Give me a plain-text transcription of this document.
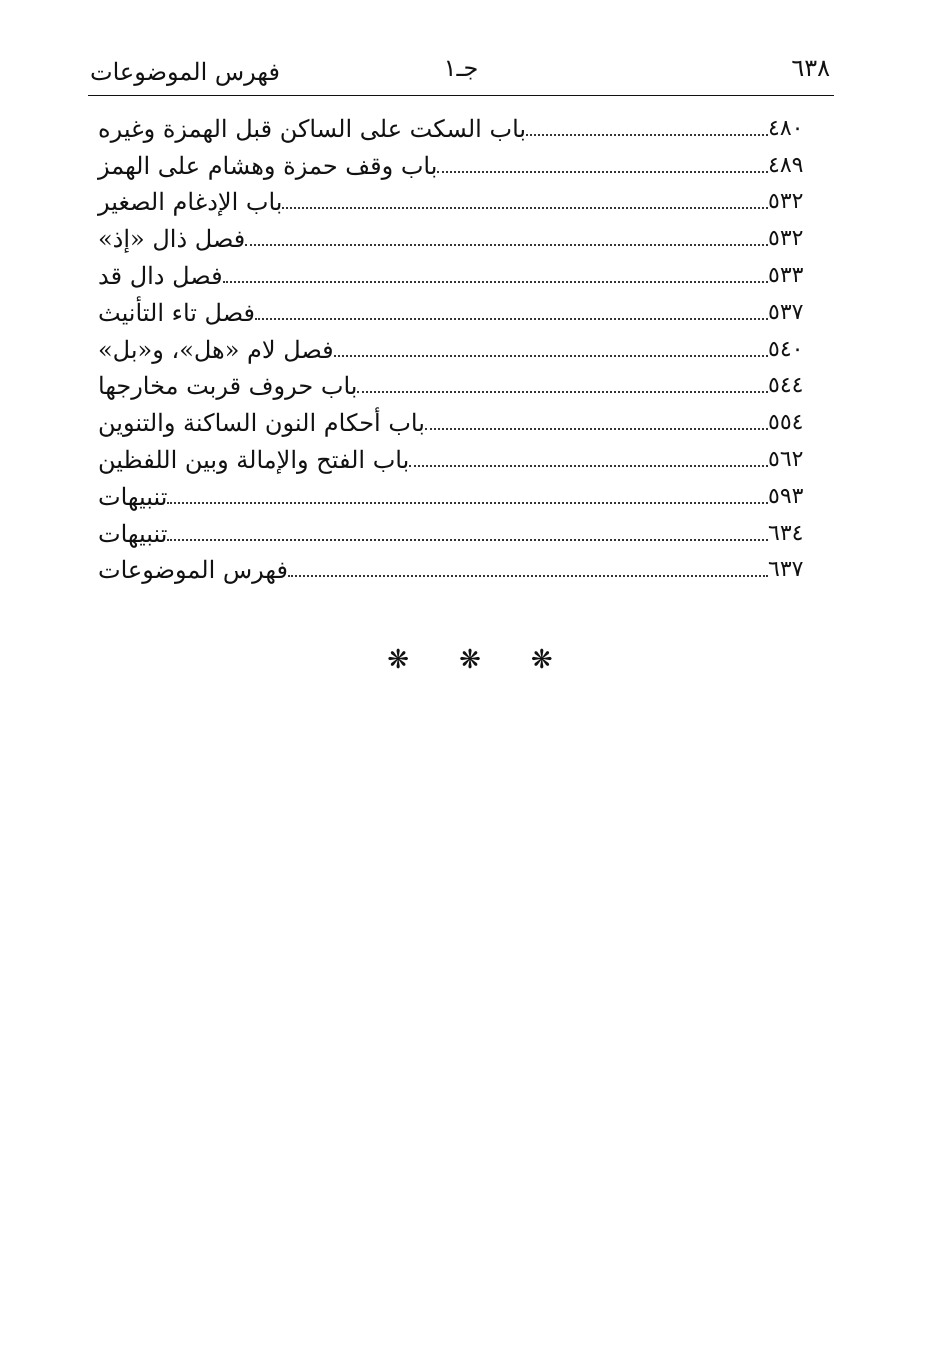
٦٣٨
جـ١
فهرس الموضوعات
باب السكت على الساكن قبل الهمزة وغيره	٤٨٠
باب وقف حمزة وهشام على الهمز	٤٨٩
باب الإدغام الصغير	٥٣٢
فصل ذال «إذ»	٥٣٢
فصل دال قد	٥٣٣
فصل تاء التأنيث	٥٣٧
فصل لام «هل»، و«بل»	٥٤٠
باب حروف قربت مخارجها	٥٤٤
باب أحكام النون الساكنة والتنوين	٥٥٤
باب الفتح والإمالة وبين اللفظين	٥٦٢
تنبيهات	٥٩٣
تنبيهات	٦٣٤
فهرس الموضوعات	٦٣٧
❋ ❋ ❋
